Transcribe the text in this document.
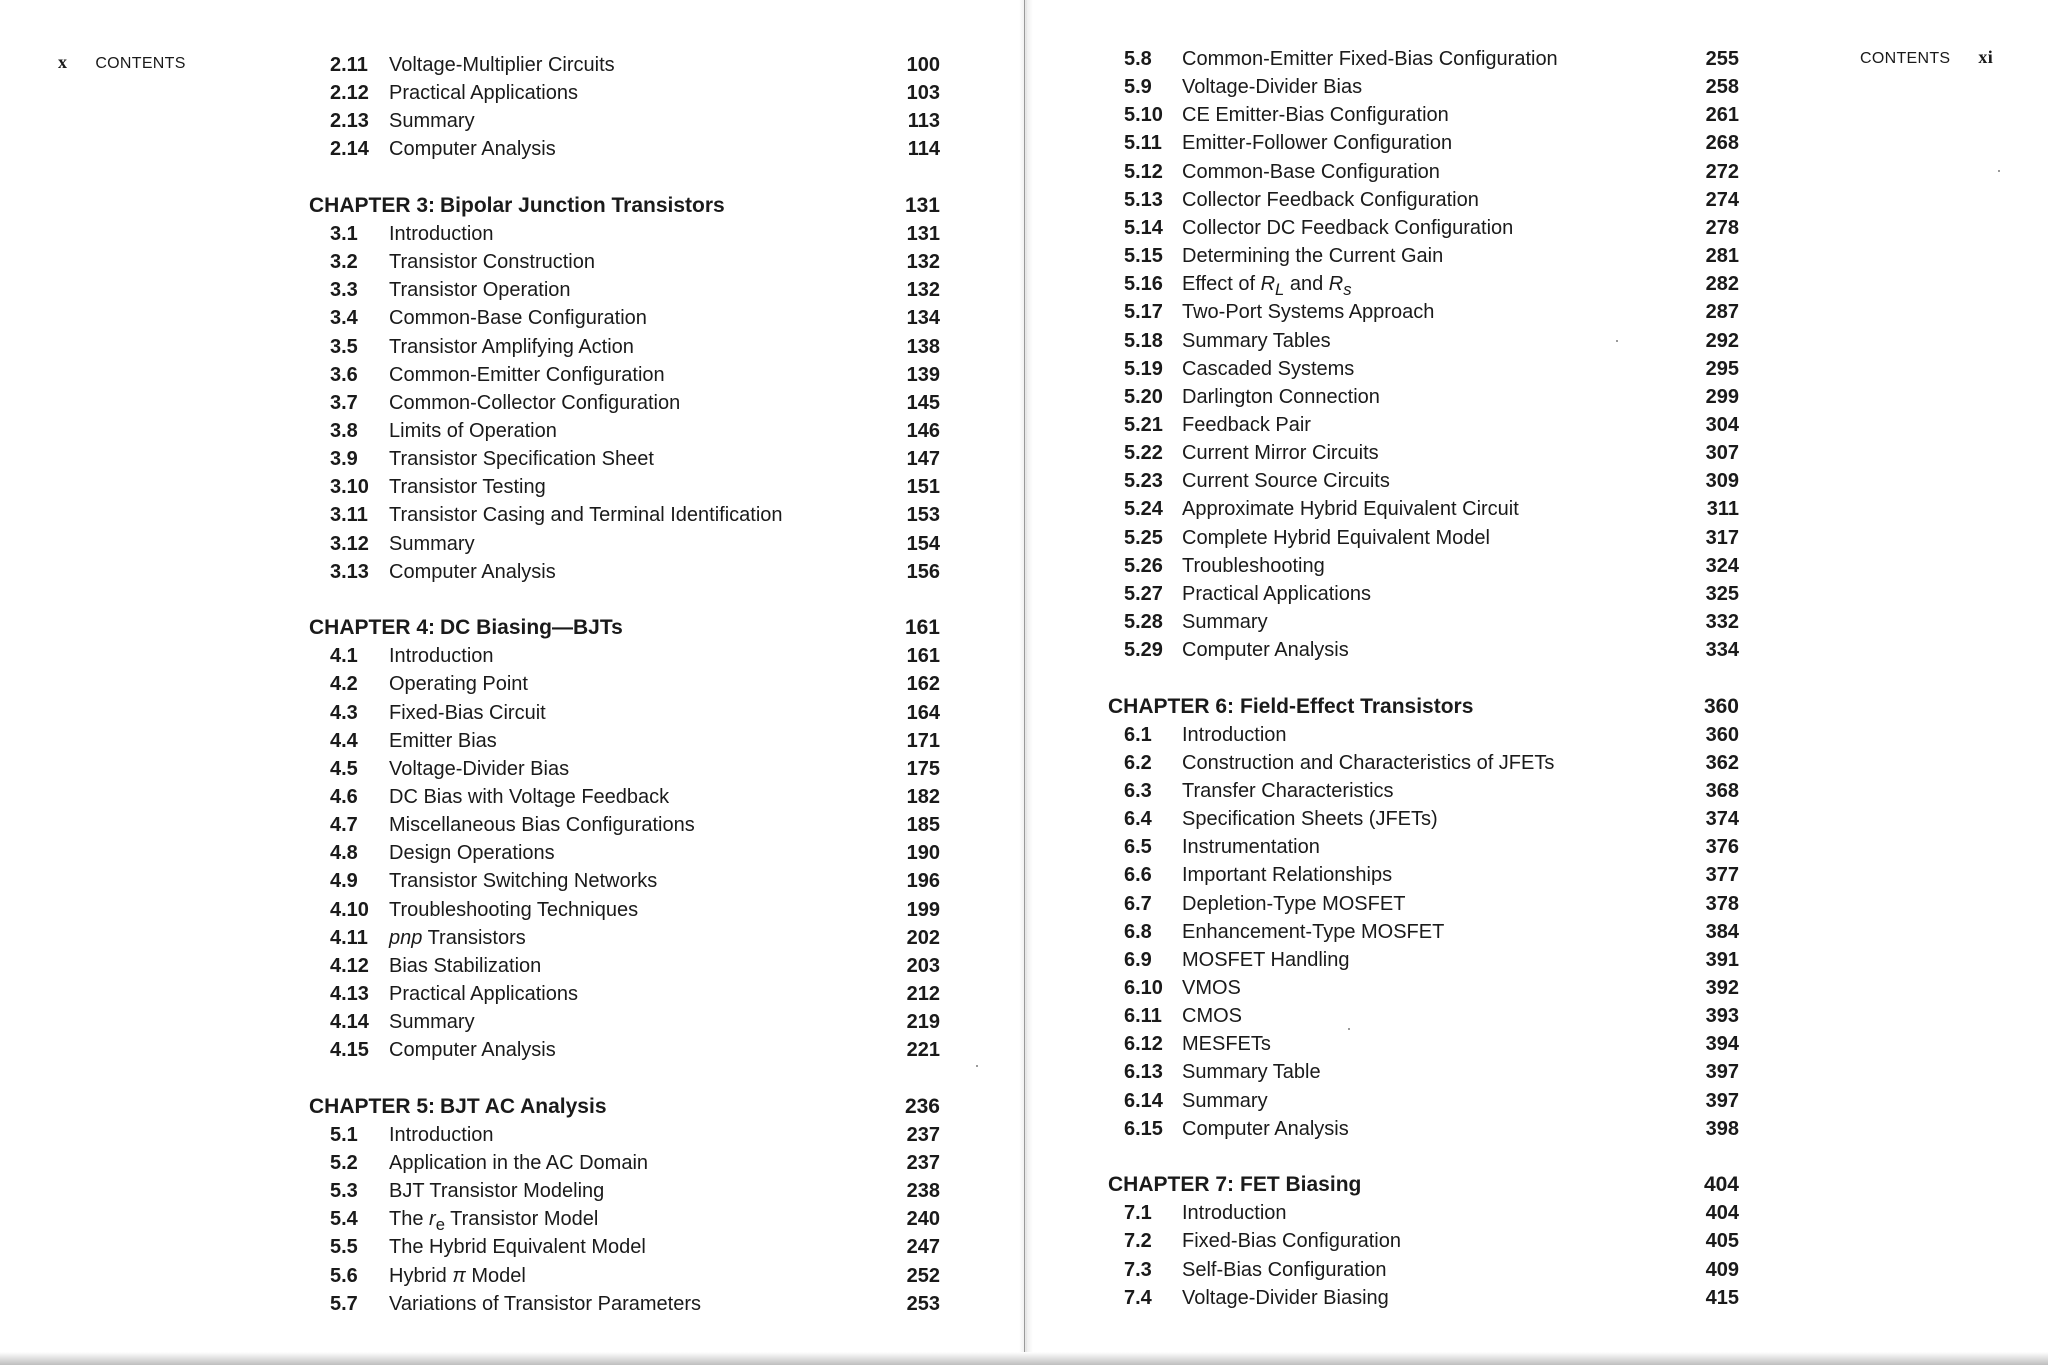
x CONTENTS	CONTENTS xi
2.11 Voltage-Multiplier Circuits	100
2.12 Practical Applications	103
2.13 Summary	113
2.14 Computer Analysis	114
CHAPTER 3: Bipolar Junction Transistors	131
3.1 Introduction	131
3.2 Transistor Construction	132
3.3 Transistor Operation	132
3.4 Common-Base Configuration	134
3.5 Transistor Amplifying Action	138
3.6 Common-Emitter Configuration	139
3.7 Common-Collector Configuration	145
3.8 Limits of Operation	146
3.9 Transistor Specification Sheet	147
3.10 Transistor Testing	151
3.11 Transistor Casing and Terminal Identification	153
3.12 Summary	154
3.13 Computer Analysis	156
CHAPTER 4: DC Biasing—BJTs	161
4.1 Introduction	161
4.2 Operating Point	162
4.3 Fixed-Bias Circuit	164
4.4 Emitter Bias	171
4.5 Voltage-Divider Bias	175
4.6 DC Bias with Voltage Feedback	182
4.7 Miscellaneous Bias Configurations	185
4.8 Design Operations	190
4.9 Transistor Switching Networks	196
4.10 Troubleshooting Techniques	199
4.11 pnp Transistors	202
4.12 Bias Stabilization	203
4.13 Practical Applications	212
4.14 Summary	219
4.15 Computer Analysis	221
CHAPTER 5: BJT AC Analysis	236
5.1 Introduction	237
5.2 Application in the AC Domain	237
5.3 BJT Transistor Modeling	238
5.4 The $r_e$ Transistor Model	240
5.5 The Hybrid Equivalent Model	247
5.6 Hybrid π Model	252
5.7 Variations of Transistor Parameters	253
5.8 Common-Emitter Fixed-Bias Configuration	255
5.9 Voltage-Divider Bias	258
5.10 CE Emitter-Bias Configuration	261
5.11 Emitter-Follower Configuration	268
5.12 Common-Base Configuration	272
5.13 Collector Feedback Configuration	274
5.14 Collector DC Feedback Configuration	278
5.15 Determining the Current Gain	281
5.16 Effect of $R_L$ and $R_s$	282
5.17 Two-Port Systems Approach	287
5.18 Summary Tables	292
5.19 Cascaded Systems	295
5.20 Darlington Connection	299
5.21 Feedback Pair	304
5.22 Current Mirror Circuits	307
5.23 Current Source Circuits	309
5.24 Approximate Hybrid Equivalent Circuit	311
5.25 Complete Hybrid Equivalent Model	317
5.26 Troubleshooting	324
5.27 Practical Applications	325
5.28 Summary	332
5.29 Computer Analysis	334
CHAPTER 6: Field-Effect Transistors	360
6.1 Introduction	360
6.2 Construction and Characteristics of JFETs	362
6.3 Transfer Characteristics	368
6.4 Specification Sheets (JFETs)	374
6.5 Instrumentation	376
6.6 Important Relationships	377
6.7 Depletion-Type MOSFET	378
6.8 Enhancement-Type MOSFET	384
6.9 MOSFET Handling	391
6.10 VMOS	392
6.11 CMOS	393
6.12 MESFETs	394
6.13 Summary Table	397
6.14 Summary	397
6.15 Computer Analysis	398
CHAPTER 7: FET Biasing	404
7.1 Introduction	404
7.2 Fixed-Bias Configuration	405
7.3 Self-Bias Configuration	409
7.4 Voltage-Divider Biasing	415
